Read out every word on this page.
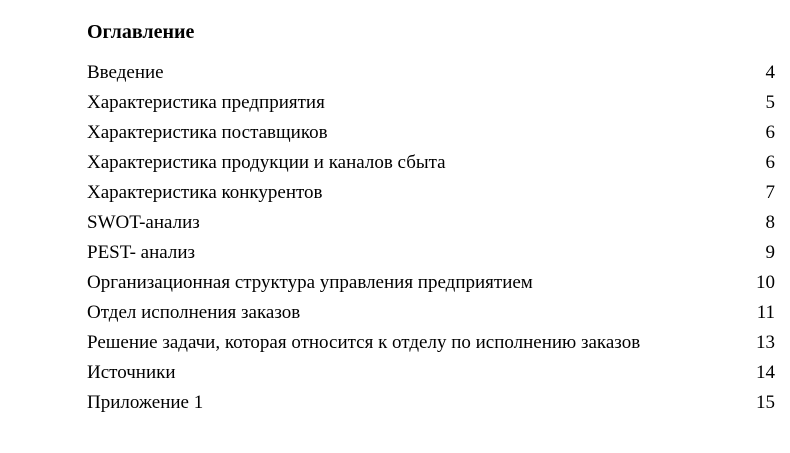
Оглавление
Введение	4
Характеристика предприятия	5
Характеристика поставщиков	6
Характеристика продукции и каналов сбыта	6
Характеристика конкурентов	7
SWOT-анализ	8
PEST- анализ	9
Организационная структура управления предприятием	10
Отдел исполнения заказов	11
Решение задачи, которая относится к отделу по исполнению заказов	13
Источники	14
Приложение 1	15
